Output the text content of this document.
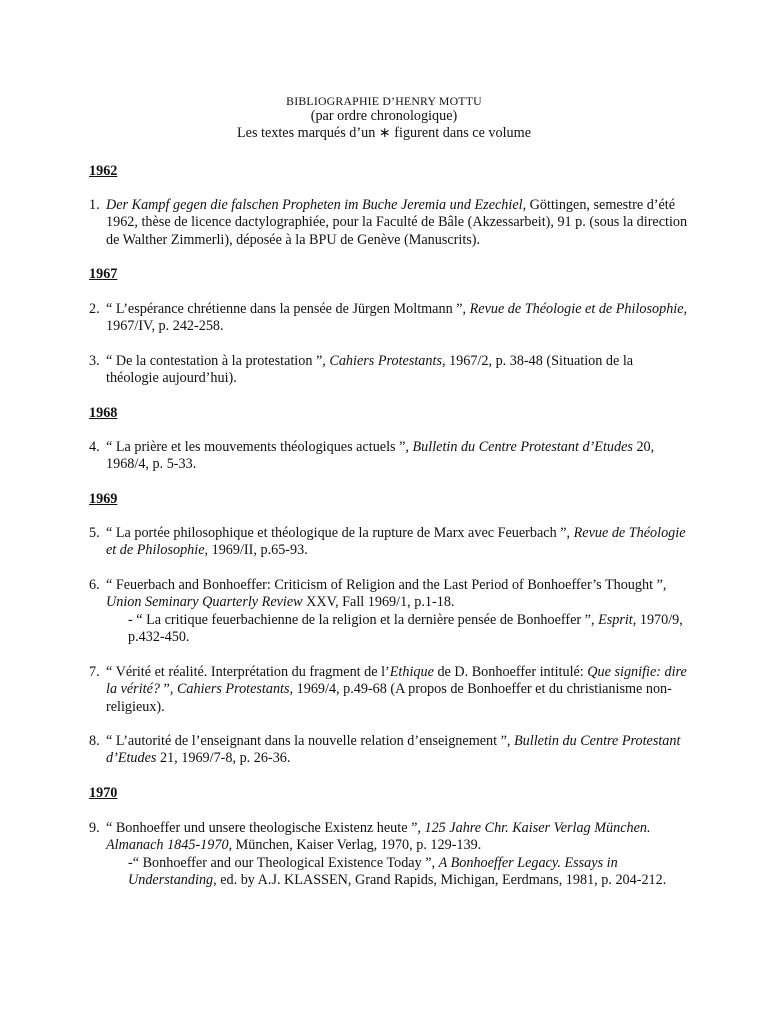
BIBLIOGRAPHIE D’HENRY MOTTU
(par ordre chronologique)
Les textes marqués d’un ∗ figurent dans ce volume
1962
1. Der Kampf gegen die falschen Propheten im Buche Jeremia und Ezechiel, Göttingen, semestre d’été 1962, thèse de licence dactylographiée, pour la Faculté de Bâle (Akzessarbeit), 91 p. (sous la direction de Walther Zimmerli), déposée à la BPU de Genève (Manuscrits).
1967
2. “ L’espérance chrétienne dans la pensée de Jürgen Moltmann ”, Revue de Théologie et de Philosophie, 1967/IV, p. 242-258.
3. “ De la contestation à la protestation ”, Cahiers Protestants, 1967/2, p. 38-48 (Situation de la théologie aujourd’hui).
1968
4. “ La prière et les mouvements théologiques actuels ”, Bulletin du Centre Protestant d’Etudes 20, 1968/4, p. 5-33.
1969
5. “ La portée philosophique et théologique de la rupture de Marx avec Feuerbach ”, Revue de Théologie et de Philosophie, 1969/II, p.65-93.
6. “ Feuerbach and Bonhoeffer: Criticism of Religion and the Last Period of Bonhoeffer’s Thought ”, Union Seminary Quarterly Review XXV, Fall 1969/1, p.1-18.
- “ La critique feuerbachienne de la religion et la dernière pensée de Bonhoeffer ”, Esprit, 1970/9, p.432-450.
7. “ Vérité et réalité. Interprétation du fragment de l’Ethique de D. Bonhoeffer intitulé: Que signifie: dire la vérité? ”, Cahiers Protestants, 1969/4, p.49-68 (A propos de Bonhoeffer et du christianisme non-religieux).
8. “ L’autorité de l’enseignant dans la nouvelle relation d’enseignement ”, Bulletin du Centre Protestant d’Etudes 21, 1969/7-8, p. 26-36.
1970
9. “ Bonhoeffer und unsere theologische Existenz heute ”, 125 Jahre Chr. Kaiser Verlag München. Almanach 1845-1970, München, Kaiser Verlag, 1970, p. 129-139.
-“ Bonhoeffer and our Theological Existence Today ”, A Bonhoeffer Legacy. Essays in Understanding, ed. by A.J. KLASSEN, Grand Rapids, Michigan, Eerdmans, 1981, p. 204-212.
